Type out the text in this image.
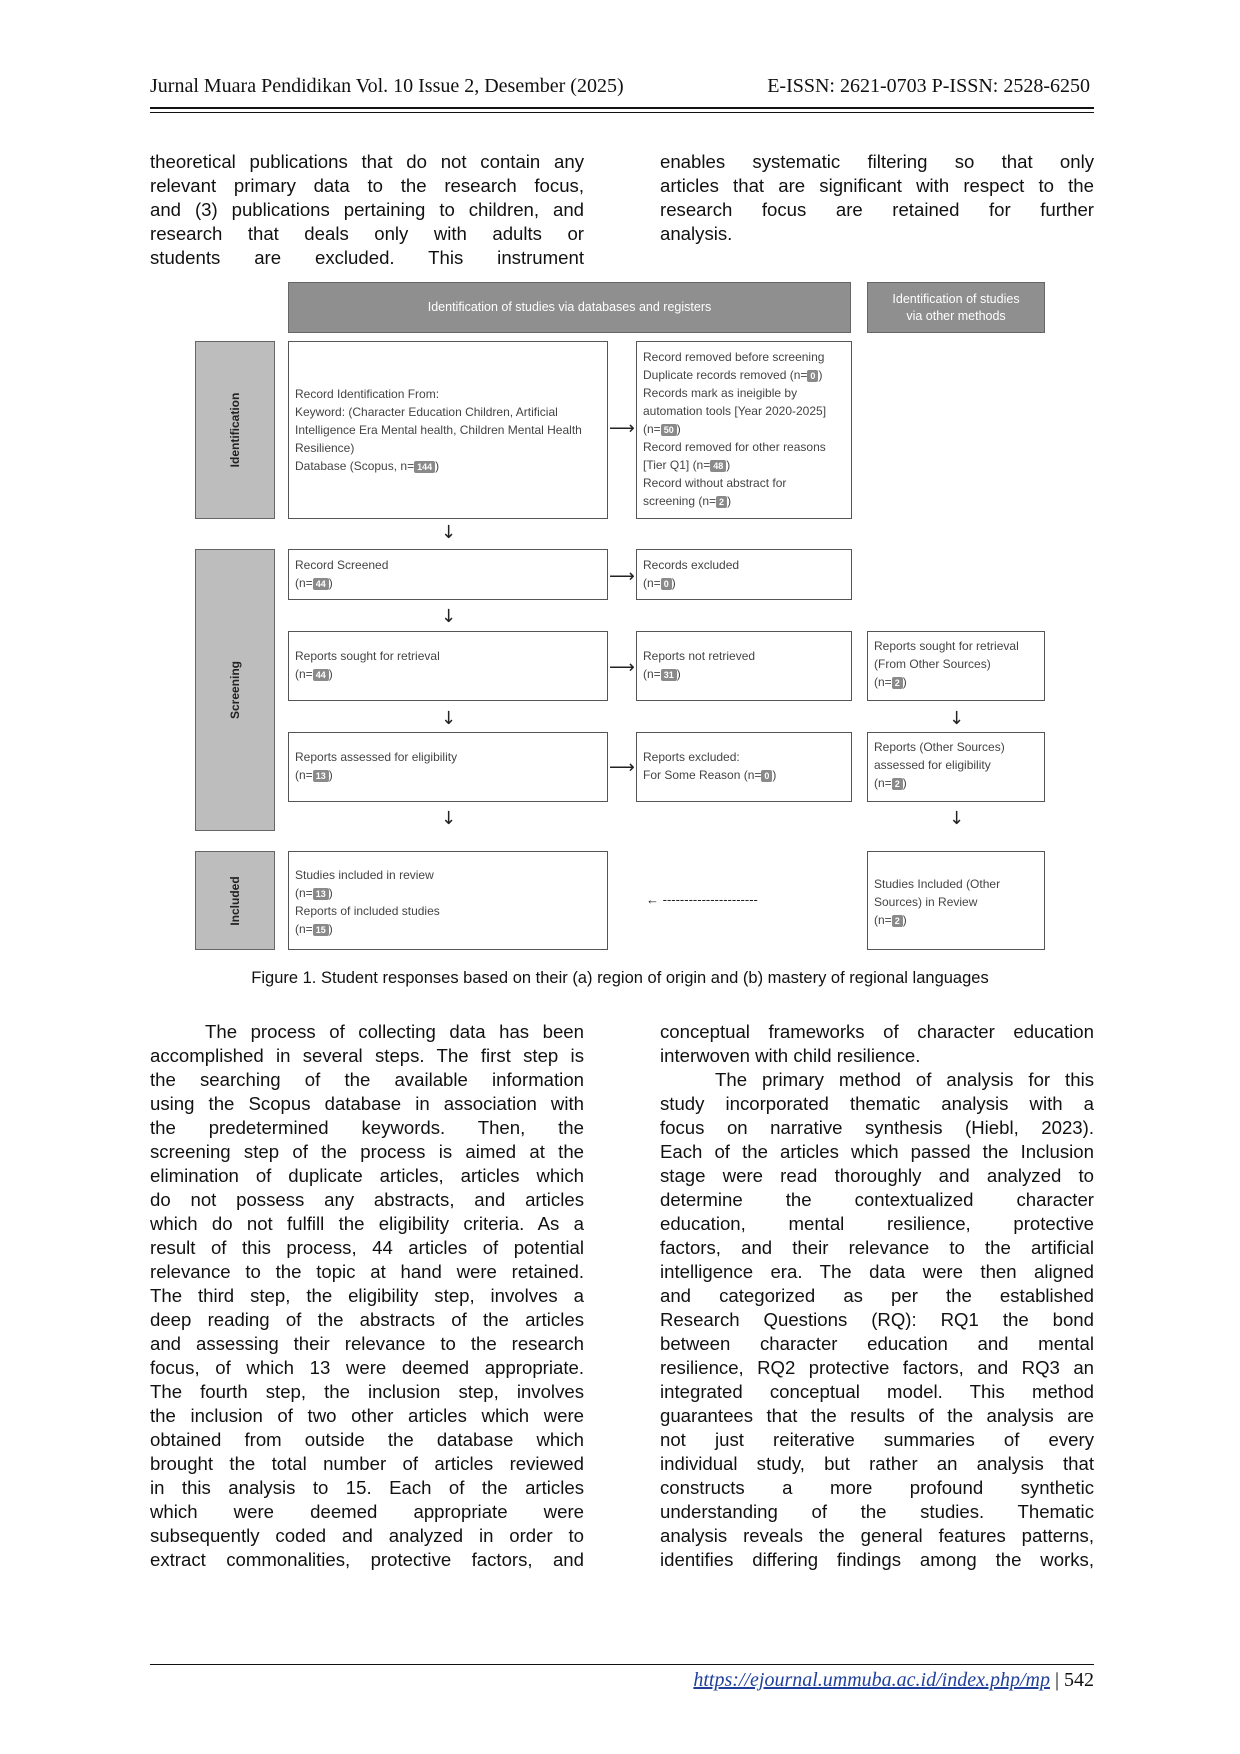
Jurnal Muara Pendidikan Vol. 10 Issue 2, Desember (2025)	E-ISSN: 2621-0703 P-ISSN: 2528-6250

theoretical publications that do not contain any

relevant primary data to the research focus,

and (3) publications pertaining to children, and

research that deals only with adults or

students are excluded. This instrument

enables systematic filtering so that only

articles that are significant with respect to the

research focus are retained for further

analysis.

Identification of studies via databases and registers
Identification of studies
via other methods
Identification
Screening
Included
Record Identification From:
Keyword: (Character Education Children, Artificial
Intelligence Era Mental health, Children Mental Health
Resilience)
Database (Scopus, n= 144 )
Record removed before screening
Duplicate records removed (n= 0 )
Records mark as ineigible by
automation tools [Year 2020-2025]
(n= 50 )
Record removed for other reasons
[Tier Q1] (n= 48 )
Record without abstract for
screening (n= 2 )
⟶
↓
Record Screened
(n= 44 )	⟶
Records excluded
(n= 0 )
↓
Reports sought for retrieval
(n= 44 )	⟶
Reports not retrieved
(n= 31 )
Reports sought for retrieval
(From Other Sources)
(n= 2 )
↓	↓
Reports assessed for eligibility
(n= 13 )	⟶ Reports excluded:
For Some Reason (n= 0 )
Reports (Other Sources)
assessed for eligibility
(n= 2 )
↓	↓
Studies included in review
(n= 13 )
Reports of included studies
(n= 15 )
← ----------------------
Studies Included (Other
Sources) in Review
(n= 2 )
Figure 1. Student responses based on their (a) region of origin and (b) mastery of regional languages

The process of collecting data has been

accomplished in several steps. The first step is

the searching of the available information

using the Scopus database in association with

the predetermined keywords. Then, the

screening step of the process is aimed at the

elimination of duplicate articles, articles which

do not possess any abstracts, and articles

which do not fulfill the eligibility criteria. As a

result of this process, 44 articles of potential

relevance to the topic at hand were retained.

The third step, the eligibility step, involves a

deep reading of the abstracts of the articles

and assessing their relevance to the research

focus, of which 13 were deemed appropriate.

The fourth step, the inclusion step, involves

the inclusion of two other articles which were

obtained from outside the database which

brought the total number of articles reviewed

in this analysis to 15. Each of the articles

which were deemed appropriate were

subsequently coded and analyzed in order to

extract commonalities, protective factors, and

conceptual frameworks of character education

interwoven with child resilience.

The primary method of analysis for this

study incorporated thematic analysis with a

focus on narrative synthesis (Hiebl, 2023).

Each of the articles which passed the Inclusion

stage were read thoroughly and analyzed to

determine the contextualized character

education, mental resilience, protective

factors, and their relevance to the artificial

intelligence era. The data were then aligned

and categorized as per the established

Research Questions (RQ): RQ1 the bond

between character education and mental

resilience, RQ2 protective factors, and RQ3 an

integrated conceptual model. This method

guarantees that the results of the analysis are

not just reiterative summaries of every

individual study, but rather an analysis that

constructs a more profound synthetic

understanding of the studies. Thematic

analysis reveals the general features patterns,

identifies differing findings among the works,

https://ejournal.ummuba.ac.id/index.php/mp | 542
